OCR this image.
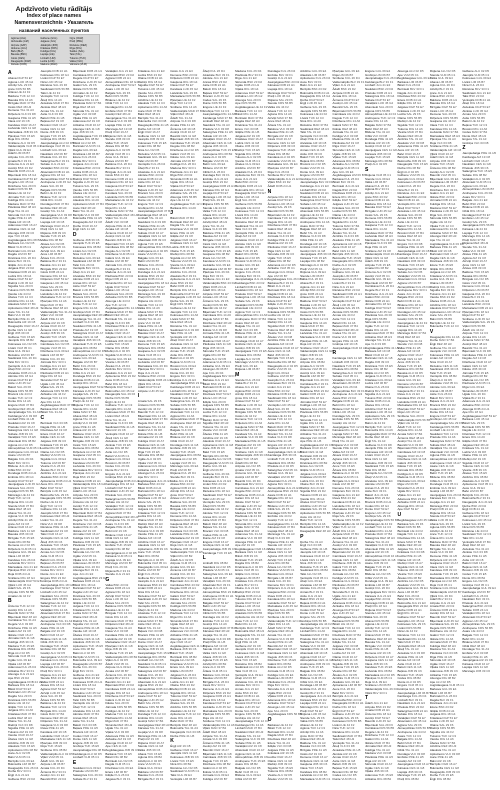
Apdzīvoto vietu rādītājs
Index of place names
Namensverzeichnis • Указатель
названий населенных пунктов
Aglona (AGL)
Aizkraukle (AIZ)
Aizpute (AZP)
Alūksne (ALU)
Balvi (BLV)
Bauska (BSK)
Cēsis (CES)
Daugavpils (DGP)
Dobele (DOB)
Gulbene (GUL)
Jelgava (JLG)
Jēkabpils (JKB)
Krāslava (KRS)
Kuldīga (KUL)
Liepāja (LIE)
Limbaži (LIM)
Ludza (LUD)
Madona (MAD)
Ogre (OGR)
Preiļi (PRE)
Rēzekne (REZ)
Rīga (RIG)
Saldus (SAL)
Talsi (TAL)
Tukums (TUK)
Valka (VLK)
Valmiera (VLM)
A
Abava DGP 53 E7
Aglona LUD 45 G2
Aizvīķi SAL 29 F6
Ance KRS 56 B5
Ārlava LIE 44 F2
Baldone TUK 12 C3
Bauska RIG 14 A6
Birzgale MAD 37 B4
Cēsis REZ 48 H3
Demene TAL 31 A3
Dziļezers VLK 03 D8
Gaujiena PRE 41 H5
Irlava AIZ 19 C8
Kandava OGR 16 A7
Lielvārde CES 11 G8
Mazsalaca JKB 39 C6
Pļaviņas TUK 15 E5
Roja RIG 08 B2
Smiltene ALU 02 D5
Valdemārpils VLM 05 C1
Viļāni GUL 09 E4
Ādaži LIM 06 B7
Aizpute KUL 26 D4
Amata BLV 33 F1
Ārciems JLG 21 E3
Avotiņi BSK 23 D2
Baunīši DOB 24 H1
Biķernieki RIG 18 G4
Carnikava DGP 53 E7
Degole LUD 45 G2
Dzērbene SAL 29 F6
Galēni KRS 56 B5
Ilūkste LIE 44 F2
Jūrmala TUK 12 C3
Kuldīga RIG 14 A6
Madona MAD 37 B4
Pāvilosta REZ 48 H3
Rīga TAL 31 A3
Skrunda VLK 03 D8
Ugāle PRE 41 H5
Viļaka AIZ 19 C8
Adamova OGR 16 A7
Aizkalne CES 11 G8
Alsunga JKB 39 C6
Ape TUK 15 E5
Augšdaugava RIG 08 B2
Barkava ALU 02 D5
Bikstī VLM 05 C1
Burtnieki GUL 09 E4
Dagda LIM 06 B7
Dzelzava KUL 26 D4
Ezere BLV 33 F1
Ikšķile JLG 21 E3
Jelgava BSK 23 D2
Krāslava DOB 24 H1
Ludza RIG 18 G4
Olaine DGP 53 E7
Riebiņi LUD 45 G2
Sigulda SAL 29 F6
Tukums KRS 56 B5
Viesīte LIE 44 F2
Ābeles TUK 12 C3
Aizdzire RIG 14 A6
Alauksts MAD 37 B4
Apšuciems REZ 48 H3
Auce TAL 31 A3
Balvi VLK 03 D8
Bērzpils PRE 41 H5
Bukmuiža AIZ 19 C8
Daugavpils OGR 16 A7
Durbe CES 11 G8
Ērgļi JKB 39 C6
Gulbene TUK 15 E5
Jaunpils RIG 08 B2
Kokneses ALU 02 D5
Līvāni VLM 05 C1
Nīca GUL 09 E4
Rēzekne LIM 06 B7
Saulkrasti KUL 26 D4
Talsi BLV 33 F1
Ventspils JLG 21 E3
Ābeļi BSK 23 D2
Aiviekste DOB 24 H1
Akniste RIG 18 G4
Annas DGP 53 E7
Asīte LUD 45 G2
Balozi SAL 29 F6
Beļava KRS 56 B5
Brocēni LIE 44 F2
Codes TUK 12 C3
Dunte RIG 14 A6
Engure MAD 37 B4
Grobiņa REZ 48 H3
Jaunpiebalga TAL 31 A3
Kazdanga VLK 03 D8
Limbaži PRE 41 H5
Naukšēni AIZ 19 C8
Priekule OGR 16 A7
Salacgrīva CES 11 G8
Subate JKB 39 C6
Varakļāni TUK 15 E5
Abavnieki RIG 08 B2
Agļona ALU 02 D5
Akmeņdziras VLM 05 C1
Andrupene GUL 09 E4
Asare LIM 06 B7
Balgale KUL 26 D4
Bebri BLV 33 F1
Blīdene JLG 21 E3
Ciblā BSK 23 D2
Dundaga DOB 24 H1
Embūte RIG 18 G4
Gostiņi DGP 53 E7
Jaunjelgava LUD 45 G2
Kārsava SAL 29 F6
Liepāja KRS 56 B5
Mērsrags LIE 44 F2
Preiļi TUK 12 C3
Rūjiena RIG 14 A6
Stende MAD 37 B4
Valka REZ 48 H3
Abava TAL 31 A3
Aglona VLK 03 D8
Aizvīķi PRE 41 H5
Ance AIZ 19 C8
Ārlava OGR 16 A7
Baldone CES 11 G8
Bauska JKB 39 C6
Birzgale TUK 15 E5
Cēsis RIG 08 B2
Demene ALU 02 D5
Dziļezers VLM 05 C1
Gaujiena GUL 09 E4
Irlava LIM 06 B7
Kandava KUL 26 D4
Lielvārde BLV 33 F1
Mazsalaca JLG 21 E3
Pļaviņas BSK 23 D2
Roja DOB 24 H1
Smiltene RIG 18 G4
Valdemārpils DGP 53 E7
Viļāni LUD 45 G2
Ādaži SAL 29 F6
Aizpute KRS 56 B5
Amata LIE 44 F2
B
Ārciems TUK 12 C3
Avotiņi RIG 14 A6
Baunīši MAD 37 B4
Biķernieki REZ 48 H3
Carnikava TAL 31 A3
Degole VLK 03 D8
Dzērbene PRE 41 H5
Galēni AIZ 19 C8
Ilūkste OGR 16 A7
Jūrmala CES 11 G8
Kuldīga JKB 39 C6
Madona TUK 15 E5
Pāvilosta RIG 08 B2
Rīga ALU 02 D5
Skrunda VLM 05 C1
Ugāle GUL 09 E4
Viļaka LIM 06 B7
Adamova KUL 26 D4
Aizkalne BLV 33 F1
Alsunga JLG 21 E3
Ape BSK 23 D2
Augšdaugava DOB 24 H1
Barkava RIG 18 G4
Bikstī DGP 53 E7
Burtnieki LUD 45 G2
Dagda SAL 29 F6
Dzelzava KRS 56 B5
Ezere LIE 44 F2
Ikšķile TUK 12 C3
Jelgava RIG 14 A6
Krāslava MAD 37 B4
Ludza REZ 48 H3
Olaine TAL 31 A3
Riebiņi VLK 03 D8
Sigulda PRE 41 H5
Tukums AIZ 19 C8
Viesīte OGR 16 A7
Ābeles CES 11 G8
Aizdzire JKB 39 C6
Alauksts TUK 15 E5
Apšuciems RIG 08 B2
Auce ALU 02 D5
Balvi VLM 05 C1
Bērzpils GUL 09 E4
Bukmuiža LIM 06 B7
Daugavpils KUL 26 D4
Durbe BLV 33 F1
Ērgļi JLG 21 E3
Gulbene BSK 23 D2
Jaunpils DOB 24 H1
Kokneses RIG 18 G4
Līvāni DGP 53 E7
Nīca LUD 45 G2
Rēzekne SAL 29 F6
Saulkrasti KRS 56 B5
Talsi LIE 44 F2
Ventspils TUK 12 C3
Ābeļi RIG 14 A6
Aiviekste MAD 37 B4
Akniste REZ 48 H3
Annas TAL 31 A3
Asīte VLK 03 D8
Balozi PRE 41 H5
Beļava AIZ 19 C8
Brocēni OGR 16 A7
Codes CES 11 G8
Dunte JKB 39 C6
Engure TUK 15 E5
Grobiņa RIG 08 B2
Jaunpiebalga ALU 02 D5
Kazdanga VLM 05 C1
Limbaži GUL 09 E4
Naukšēni LIM 06 B7
Priekule KUL 26 D4
Salacgrīva BLV 33 F1
Subate JLG 21 E3
Varakļāni BSK 23 D2
Abavnieki DOB 24 H1
Agļona RIG 18 G4
Akmeņdziras DGP 53 E7
Andrupene LUD 45 G2
Asare SAL 29 F6
Balgale KRS 56 B5
Bebri LIE 44 F2
Blīdene TUK 12 C3
Ciblā RIG 14 A6
Dundaga MAD 37 B4
Embūte REZ 48 H3
Gostiņi TAL 31 A3
Jaunjelgava VLK 03 D8
Kārsava PRE 41 H5
Liepāja AIZ 19 C8
Mērsrags OGR 16 A7
Preiļi CES 11 G8
Rūjiena JKB 39 C6
Stende TUK 15 E5
Valka RIG 08 B2
Abava ALU 02 D5
Aglona VLM 05 C1
Aizvīķi GUL 09 E4
Ance LIM 06 B7
Ārlava KUL 26 D4
Baldone BLV 33 F1
Bauska JLG 21 E3
Birzgale BSK 23 D2
Cēsis DOB 24 H1
Demene RIG 18 G4
Dziļezers DGP 53 E7
Gaujiena LUD 45 G2
Irlava SAL 29 F6
Kandava KRS 56 B5
Lielvārde LIE 44 F2
Mazsalaca TUK 12 C3
Pļaviņas RIG 14 A6
Roja MAD 37 B4
Smiltene REZ 48 H3
Valdemārpils TAL 31 A3
Viļāni VLK 03 D8
Ādaži PRE 41 H5
Aizpute AIZ 19 C8
Amata OGR 16 A7
Ārciems CES 11 G8
Avotiņi JKB 39 C6
Baunīši TUK 15 E5
Biķernieki RIG 08 B2
Carnikava ALU 02 D5
Degole VLM 05 C1
Dzērbene GUL 09 E4
Galēni LIM 06 B7
Ilūkste KUL 26 D4
Jūrmala BLV 33 F1
Kuldīga JLG 21 E3
Madona BSK 23 D2
Pāvilosta DOB 24 H1
Rīga RIG 18 G4
Skrunda DGP 53 E7
Ugāle LUD 45 G2
Viļaka SAL 29 F6
Adamova KRS 56 B5
Aizkalne LIE 44 F2
Alsunga TUK 12 C3
Ape RIG 14 A6
Augšdaugava MAD 37 B4
Barkava REZ 48 H3
Bikstī TAL 31 A3
C
Burtnieki VLK 03 D8
Dagda PRE 41 H5
Dzelzava AIZ 19 C8
Ezere OGR 16 A7
Ikšķile CES 11 G8
Jelgava JKB 39 C6
Krāslava TUK 15 E5
Ludza RIG 08 B2
Olaine ALU 02 D5
Riebiņi VLM 05 C1
Sigulda GUL 09 E4
Tukums LIM 06 B7
Viesīte KUL 26 D4
Ābeles BLV 33 F1
Aizdzire JLG 21 E3
Alauksts BSK 23 D2
Apšuciems DOB 24 H1
Auce RIG 18 G4
Balvi DGP 53 E7
Bērzpils LUD 45 G2
Bukmuiža SAL 29 F6
Daugavpils KRS 56 B5
Durbe LIE 44 F2
Ērgļi TUK 12 C3
Gulbene RIG 14 A6
Jaunpils MAD 37 B4
Kokneses REZ 48 H3
Līvāni TAL 31 A3
Nīca VLK 03 D8
Rēzekne PRE 41 H5
Saulkrasti AIZ 19 C8
Talsi OGR 16 A7
Ventspils CES 11 G8
Ābeļi JKB 39 C6
Aiviekste TUK 15 E5
Akniste RIG 08 B2
Annas ALU 02 D5
Asīte VLM 05 C1
Balozi GUL 09 E4
Beļava LIM 06 B7
Brocēni KUL 26 D4
Codes BLV 33 F1
Dunte JLG 21 E3
Engure BSK 23 D2
Grobiņa DOB 24 H1
Jaunpiebalga RIG 18 G4
Kazdanga DGP 53 E7
Limbaži LUD 45 G2
Naukšēni SAL 29 F6
Priekule KRS 56 B5
Salacgrīva LIE 44 F2
Subate TUK 12 C3
Varakļāni RIG 14 A6
Abavnieki MAD 37 B4
Agļona REZ 48 H3
Akmeņdziras TAL 31 A3
Andrupene VLK 03 D8
Asare PRE 41 H5
Balgale AIZ 19 C8
Bebri OGR 16 A7
Blīdene CES 11 G8
Ciblā JKB 39 C6
Dundaga TUK 15 E5
Embūte RIG 08 B2
Gostiņi ALU 02 D5
Jaunjelgava VLM 05 C1
Kārsava GUL 09 E4
Liepāja LIM 06 B7
Mērsrags KUL 26 D4
Preiļi BLV 33 F1
Rūjiena JLG 21 E3
Stende BSK 23 D2
Valka DOB 24 H1
Abava RIG 18 G4
Aglona DGP 53 E7
Aizvīķi LUD 45 G2
Ance SAL 29 F6
Ārlava KRS 56 B5
Baldone LIE 44 F2
Bauska TUK 12 C3
Birzgale RIG 14 A6
Cēsis MAD 37 B4
Demene REZ 48 H3
Dziļezers TAL 31 A3
Gaujiena VLK 03 D8
Irlava PRE 41 H5
Kandava AIZ 19 C8
Lielvārde OGR 16 A7
Mazsalaca CES 11 G8
Pļaviņas JKB 39 C6
Roja TUK 15 E5
Smiltene RIG 08 B2
Valdemārpils ALU 02 D5
Viļāni VLM 05 C1
Ādaži GUL 09 E4
Aizpute LIM 06 B7
Amata KUL 26 D4
Ārciems BLV 33 F1
Avotiņi JLG 21 E3
Baunīši BSK 23 D2
Biķernieki DOB 24 H1
Carnikava RIG 18 G4
Degole DGP 53 E7
Dzērbene LUD 45 G2
Galēni SAL 29 F6
Ilūkste KRS 56 B5
Jūrmala LIE 44 F2
Kuldīga TUK 12 C3
Madona RIG 14 A6
Pāvilosta MAD 37 B4
Rīga REZ 48 H3
Skrunda TAL 31 A3
Ugāle VLK 03 D8
Viļaka PRE 41 H5
Adamova AIZ 19 C8
Aizkalne OGR 16 A7
Alsunga CES 11 G8
Ape JKB 39 C6
Augšdaugava TUK 15 E5
Barkava RIG 08 B2
Bikstī ALU 02 D5
Burtnieki VLM 05 C1
Dagda GUL 09 E4
Dzelzava LIM 06 B7
Ezere KUL 26 D4
Ikšķile BLV 33 F1
Jelgava JLG 21 E3
Krāslava BSK 23 D2
Ludza DOB 24 H1
Olaine RIG 18 G4
Riebiņi DGP 53 E7
Sigulda LUD 45 G2
Tukums SAL 29 F6
Viesīte KRS 56 B5
Ābeles LIE 44 F2
Aizdzire TUK 12 C3
Alauksts RIG 14 A6
Apšuciems MAD 37 B4
Auce REZ 48 H3
Balvi TAL 31 A3
Bērzpils VLK 03 D8
Bukmuiža PRE 41 H5
Daugavpils AIZ 19 C8
Durbe OGR 16 A7
Ērgļi CES 11 G8
D
Gulbene JKB 39 C6
Jaunpils TUK 15 E5
Kokneses RIG 08 B2
Līvāni ALU 02 D5
Nīca VLM 05 C1
Rēzekne GUL 09 E4
Saulkrasti LIM 06 B7
Talsi KUL 26 D4
Ventspils BLV 33 F1
Ābeļi JLG 21 E3
Aiviekste BSK 23 D2
Akniste DOB 24 H1
Annas RIG 18 G4
Asīte DGP 53 E7
Balozi LUD 45 G2
Beļava SAL 29 F6
Brocēni KRS 56 B5
Codes LIE 44 F2
Dunte TUK 12 C3
Engure RIG 14 A6
Grobiņa MAD 37 B4
Jaunpiebalga REZ 48 H3
Kazdanga TAL 31 A3
Limbaži VLK 03 D8
Naukšēni PRE 41 H5
Priekule AIZ 19 C8
Salacgrīva OGR 16 A7
Subate CES 11 G8
Varakļāni JKB 39 C6
Abavnieki TUK 15 E5
Agļona RIG 08 B2
Akmeņdziras ALU 02 D5
Andrupene VLM 05 C1
Asare GUL 09 E4
Balgale LIM 06 B7
Bebri KUL 26 D4
Blīdene BLV 33 F1
Ciblā JLG 21 E3
Dundaga BSK 23 D2
Embūte DOB 24 H1
Gostiņi RIG 18 G4
Jaunjelgava DGP 53 E7
Kārsava LUD 45 G2
Liepāja SAL 29 F6
Mērsrags KRS 56 B5
Preiļi LIE 44 F2
Rūjiena TUK 12 C3
Stende RIG 14 A6
Valka MAD 37 B4
Abava REZ 48 H3
Aglona TAL 31 A3
Aizvīķi VLK 03 D8
Ance PRE 41 H5
Ārlava AIZ 19 C8
Baldone OGR 16 A7
Bauska CES 11 G8
Birzgale JKB 39 C6
Cēsis TUK 15 E5
Demene RIG 08 B2
Dziļezers ALU 02 D5
Gaujiena VLM 05 C1
Irlava GUL 09 E4
Kandava LIM 06 B7
Lielvārde KUL 26 D4
Mazsalaca BLV 33 F1
Pļaviņas JLG 21 E3
Roja BSK 23 D2
Smiltene DOB 24 H1
Valdemārpils RIG 18 G4
Viļāni DGP 53 E7
Ādaži LUD 45 G2
Aizpute SAL 29 F6
Amata KRS 56 B5
Ārciems LIE 44 F2
Avotiņi TUK 12 C3
Baunīši RIG 14 A6
Biķernieki MAD 37 B4
Carnikava REZ 48 H3
Degole TAL 31 A3
Dzērbene VLK 03 D8
Galēni PRE 41 H5
Ilūkste AIZ 19 C8
Jūrmala OGR 16 A7
Kuldīga CES 11 G8
Madona JKB 39 C6
Pāvilosta TUK 15 E5
Rīga RIG 08 B2
Skrunda ALU 02 D5
Ugāle VLM 05 C1
Viļaka GUL 09 E4
Adamova LIM 06 B7
Aizkalne KUL 26 D4
Alsunga BLV 33 F1
Ape JLG 21 E3
Augšdaugava BSK 23 D2
Barkava DOB 24 H1
Bikstī RIG 18 G4
Burtnieki DGP 53 E7
Dagda LUD 45 G2
Dzelzava SAL 29 F6
Ezere KRS 56 B5
Ikšķile LIE 44 F2
Jelgava TUK 12 C3
Krāslava RIG 14 A6
Ludza MAD 37 B4
Olaine REZ 48 H3
Riebiņi TAL 31 A3
Sigulda VLK 03 D8
Tukums PRE 41 H5
Viesīte AIZ 19 C8
Ābeles OGR 16 A7
Aizdzire CES 11 G8
Alauksts JKB 39 C6
Apšuciems TUK 15 E5
Auce RIG 08 B2
Balvi ALU 02 D5
Bērzpils VLM 05 C1
Bukmuiža GUL 09 E4
Daugavpils LIM 06 B7
Durbe KUL 26 D4
Ērgļi BLV 33 F1
Gulbene JLG 21 E3
Jaunpils BSK 23 D2
Kokneses DOB 24 H1
Līvāni RIG 18 G4
Nīca DGP 53 E7
Rēzekne LUD 45 G2
Saulkrasti SAL 29 F6
Talsi KRS 56 B5
Ventspils LIE 44 F2
Ābeļi TUK 12 C3
Aiviekste RIG 14 A6
Akniste MAD 37 B4
Annas REZ 48 H3
Asīte TAL 31 A3
Balozi VLK 03 D8
Beļava PRE 41 H5
Brocēni AIZ 19 C8
Codes OGR 16 A7
Dunte CES 11 G8
Engure JKB 39 C6
Grobiņa TUK 15 E5
Jaunpiebalga RIG 08 B2
Kazdanga ALU 02 D5
Limbaži VLM 05 C1
E
Naukšēni GUL 09 E4
Priekule LIM 06 B7
Salacgrīva KUL 26 D4
Subate BLV 33 F1
Varakļāni JLG 21 E3
Abavnieki BSK 23 D2
Agļona DOB 24 H1
Akmeņdziras RIG 18 G4
Andrupene DGP 53 E7
Asare LUD 45 G2
Balgale SAL 29 F6
Bebri KRS 56 B5
Blīdene LIE 44 F2
Ciblā TUK 12 C3
Dundaga RIG 14 A6
Embūte MAD 37 B4
Gostiņi REZ 48 H3
Jaunjelgava TAL 31 A3
Kārsava VLK 03 D8
Liepāja PRE 41 H5
Mērsrags AIZ 19 C8
Preiļi OGR 16 A7
Rūjiena CES 11 G8
Stende JKB 39 C6
Valka TUK 15 E5
Abava RIG 08 B2
Aglona ALU 02 D5
Aizvīķi VLM 05 C1
Ance GUL 09 E4
Ārlava LIM 06 B7
Baldone KUL 26 D4
Bauska BLV 33 F1
Birzgale JLG 21 E3
Cēsis BSK 23 D2
Demene DOB 24 H1
Dziļezers RIG 18 G4
Gaujiena DGP 53 E7
Irlava LUD 45 G2
Kandava SAL 29 F6
Lielvārde KRS 56 B5
Mazsalaca LIE 44 F2
Pļaviņas TUK 12 C3
Roja RIG 14 A6
Smiltene MAD 37 B4
Valdemārpils REZ 48 H3
Viļāni TAL 31 A3
Ādaži VLK 03 D8
Aizpute PRE 41 H5
Amata AIZ 19 C8
Ārciems OGR 16 A7
Avotiņi CES 11 G8
Baunīši JKB 39 C6
Biķernieki TUK 15 E5
Carnikava RIG 08 B2
Degole ALU 02 D5
Dzērbene VLM 05 C1
Galēni GUL 09 E4
Ilūkste LIM 06 B7
Jūrmala KUL 26 D4
Kuldīga BLV 33 F1
Madona JLG 21 E3
Pāvilosta BSK 23 D2
Rīga DOB 24 H1
Skrunda RIG 18 G4
Ugāle DGP 53 E7
Viļaka LUD 45 G2
Adamova SAL 29 F6
Aizkalne KRS 56 B5
Alsunga LIE 44 F2
Ape TUK 12 C3
Augšdaugava RIG 14 A6
Barkava MAD 37 B4
Bikstī REZ 48 H3
Burtnieki TAL 31 A3
Dagda VLK 03 D8
Dzelzava PRE 41 H5
Ezere AIZ 19 C8
Ikšķile OGR 16 A7
Jelgava CES 11 G8
Krāslava JKB 39 C6
Ludza TUK 15 E5
Olaine RIG 08 B2
Riebiņi ALU 02 D5
Sigulda VLM 05 C1
Tukums GUL 09 E4
Viesīte LIM 06 B7
Ābeles KUL 26 D4
Aizdzire BLV 33 F1
Alauksts JLG 21 E3
Apšuciems BSK 23 D2
Auce DOB 24 H1
Balvi RIG 18 G4
Bērzpils DGP 53 E7
Bukmuiža LUD 45 G2
Daugavpils SAL 29 F6
Durbe KRS 56 B5
Ērgļi LIE 44 F2
Gulbene TUK 12 C3
Jaunpils RIG 14 A6
Kokneses MAD 37 B4
Līvāni REZ 48 H3
Nīca TAL 31 A3
Rēzekne VLK 03 D8
Saulkrasti PRE 41 H5
Talsi AIZ 19 C8
Ventspils OGR 16 A7
Ābeļi CES 11 G8
Aiviekste JKB 39 C6
Akniste TUK 15 E5
Annas RIG 08 B2
Asīte ALU 02 D5
Balozi VLM 05 C1
Beļava GUL 09 E4
Brocēni LIM 06 B7
Codes KUL 26 D4
Dunte BLV 33 F1
Engure JLG 21 E3
Grobiņa BSK 23 D2
Jaunpiebalga DOB 24 H1
Kazdanga RIG 18 G4
Limbaži DGP 53 E7
Naukšēni LUD 45 G2
Priekule SAL 29 F6
Salacgrīva KRS 56 B5
Subate LIE 44 F2
Varakļāni TUK 12 C3
Abavnieki RIG 14 A6
Agļona MAD 37 B4
Akmeņdziras REZ 48 H3
Andrupene TAL 31 A3
Asare VLK 03 D8
Balgale PRE 41 H5
Bebri AIZ 19 C8
Blīdene OGR 16 A7
Ciblā CES 11 G8
Dundaga JKB 39 C6
Embūte TUK 15 E5
Gostiņi RIG 08 B2
Jaunjelgava ALU 02 D5
Kārsava VLM 05 C1
Liepāja GUL 09 E4
Mērsrags LIM 06 B7
Preiļi KUL 26 D4
Rūjiena BLV 33 F1
Stende JLG 21 E3
G
Valka BSK 23 D2
Abava DOB 24 H1
Aglona RIG 18 G4
Aizvīķi DGP 53 E7
Ance LUD 45 G2
Ārlava SAL 29 F6
Baldone KRS 56 B5
Bauska LIE 44 F2
Birzgale TUK 12 C3
Cēsis RIG 14 A6
Demene MAD 37 B4
Dziļezers REZ 48 H3
Gaujiena TAL 31 A3
Irlava VLK 03 D8
Kandava PRE 41 H5
Lielvārde AIZ 19 C8
Mazsalaca OGR 16 A7
Pļaviņas CES 11 G8
Roja JKB 39 C6
Smiltene TUK 15 E5
Valdemārpils RIG 08 B2
Viļāni ALU 02 D5
Ādaži VLM 05 C1
Aizpute GUL 09 E4
Amata LIM 06 B7
Ārciems KUL 26 D4
Avotiņi BLV 33 F1
Baunīši JLG 21 E3
Biķernieki BSK 23 D2
Carnikava DOB 24 H1
Degole RIG 18 G4
Dzērbene DGP 53 E7
Galēni LUD 45 G2
Ilūkste SAL 29 F6
Jūrmala KRS 56 B5
Kuldīga LIE 44 F2
Madona TUK 12 C3
Pāvilosta RIG 14 A6
Rīga MAD 37 B4
Skrunda REZ 48 H3
Ugāle TAL 31 A3
Viļaka VLK 03 D8
Adamova PRE 41 H5
Aizkalne AIZ 19 C8
Alsunga OGR 16 A7
Ape CES 11 G8
Augšdaugava JKB 39 C6
Barkava TUK 15 E5
Bikstī RIG 08 B2
Burtnieki ALU 02 D5
Dagda VLM 05 C1
Dzelzava GUL 09 E4
Ezere LIM 06 B7
Ikšķile KUL 26 D4
Jelgava BLV 33 F1
Krāslava JLG 21 E3
Ludza BSK 23 D2
Olaine DOB 24 H1
Riebiņi RIG 18 G4
Sigulda DGP 53 E7
Tukums LUD 45 G2
Viesīte SAL 29 F6
Ābeles KRS 56 B5
Aizdzire LIE 44 F2
Alauksts TUK 12 C3
Apšuciems RIG 14 A6
Auce MAD 37 B4
Balvi REZ 48 H3
Bērzpils TAL 31 A3
Bukmuiža VLK 03 D8
Daugavpils PRE 41 H5
Durbe AIZ 19 C8
Ērgļi OGR 16 A7
Gulbene CES 11 G8
Jaunpils JKB 39 C6
Kokneses TUK 15 E5
Līvāni RIG 08 B2
Nīca ALU 02 D5
Rēzekne VLM 05 C1
Saulkrasti GUL 09 E4
Talsi LIM 06 B7
Ventspils KUL 26 D4
Ābeļi BLV 33 F1
Aiviekste JLG 21 E3
Akniste BSK 23 D2
Annas DOB 24 H1
Asīte RIG 18 G4
Balozi DGP 53 E7
Beļava LUD 45 G2
Brocēni SAL 29 F6
Codes KRS 56 B5
Dunte LIE 44 F2
Engure TUK 12 C3
Grobiņa RIG 14 A6
Jaunpiebalga MAD 37 B4
Kazdanga REZ 48 H3
Limbaži TAL 31 A3
Naukšēni VLK 03 D8
Priekule PRE 41 H5
Salacgrīva AIZ 19 C8
Subate OGR 16 A7
Varakļāni CES 11 G8
Abavnieki JKB 39 C6
Agļona TUK 15 E5
Akmeņdziras RIG 08 B2
Andrupene ALU 02 D5
Asare VLM 05 C1
Balgale GUL 09 E4
Bebri LIM 06 B7
Blīdene KUL 26 D4
Ciblā BLV 33 F1
Dundaga JLG 21 E3
Embūte BSK 23 D2
Gostiņi DOB 24 H1
Jaunjelgava RIG 18 G4
Kārsava DGP 53 E7
Liepāja LUD 45 G2
Mērsrags SAL 29 F6
Preiļi KRS 56 B5
Rūjiena LIE 44 F2
Stende TUK 12 C3
Valka RIG 14 A6
Abava MAD 37 B4
Aglona REZ 48 H3
Aizvīķi TAL 31 A3
Ance VLK 03 D8
Ārlava PRE 41 H5
Baldone AIZ 19 C8
Bauska OGR 16 A7
Birzgale CES 11 G8
Cēsis JKB 39 C6
Demene TUK 15 E5
Dziļezers RIG 08 B2
Gaujiena ALU 02 D5
Irlava VLM 05 C1
Kandava GUL 09 E4
Lielvārde LIM 06 B7
Mazsalaca KUL 26 D4
Pļaviņas BLV 33 F1
Roja JLG 21 E3
Smiltene BSK 23 D2
Valdemārpils DOB 24 H1
Viļāni RIG 18 G4
Ādaži DGP 53 E7
Aizpute LUD 45 G2
I
Amata SAL 29 F6
Ārciems KRS 56 B5
Avotiņi LIE 44 F2
Baunīši TUK 12 C3
Biķernieki RIG 14 A6
Carnikava MAD 37 B4
Degole REZ 48 H3
Dzērbene TAL 31 A3
Galēni VLK 03 D8
Ilūkste PRE 41 H5
Jūrmala AIZ 19 C8
Kuldīga OGR 16 A7
Madona CES 11 G8
Pāvilosta JKB 39 C6
Rīga TUK 15 E5
Skrunda RIG 08 B2
Ugāle ALU 02 D5
Viļaka VLM 05 C1
Adamova GUL 09 E4
Aizkalne LIM 06 B7
Alsunga KUL 26 D4
Ape BLV 33 F1
Augšdaugava JLG 21 E3
Barkava BSK 23 D2
Bikstī DOB 24 H1
Burtnieki RIG 18 G4
Dagda DGP 53 E7
Dzelzava LUD 45 G2
Ezere SAL 29 F6
Ikšķile KRS 56 B5
Jelgava LIE 44 F2
Krāslava TUK 12 C3
Ludza RIG 14 A6
Olaine MAD 37 B4
Riebiņi REZ 48 H3
Sigulda TAL 31 A3
Tukums VLK 03 D8
Viesīte PRE 41 H5
Ābeles AIZ 19 C8
Aizdzire OGR 16 A7
Alauksts CES 11 G8
Apšuciems JKB 39 C6
Auce TUK 15 E5
Balvi RIG 08 B2
Bērzpils ALU 02 D5
Bukmuiža VLM 05 C1
Daugavpils GUL 09 E4
Durbe LIM 06 B7
Ērgļi KUL 26 D4
Gulbene BLV 33 F1
Jaunpils JLG 21 E3
Kokneses BSK 23 D2
Līvāni DOB 24 H1
Nīca RIG 18 G4
Rēzekne DGP 53 E7
Saulkrasti LUD 45 G2
Talsi SAL 29 F6
Ventspils KRS 56 B5
Ābeļi LIE 44 F2
Aiviekste TUK 12 C3
Akniste RIG 14 A6
Annas MAD 37 B4
Asīte REZ 48 H3
Balozi TAL 31 A3
Beļava VLK 03 D8
Brocēni PRE 41 H5
Codes AIZ 19 C8
Dunte OGR 16 A7
Engure CES 11 G8
Grobiņa JKB 39 C6
Jaunpiebalga TUK 15 E5
Kazdanga RIG 08 B2
Limbaži ALU 02 D5
Naukšēni VLM 05 C1
Priekule GUL 09 E4
Salacgrīva LIM 06 B7
Subate KUL 26 D4
Varakļāni BLV 33 F1
Abavnieki JLG 21 E3
Agļona BSK 23 D2
Akmeņdziras DOB 24 H1
Andrupene RIG 18 G4
Asare DGP 53 E7
Balgale LUD 45 G2
Bebri SAL 29 F6
Blīdene KRS 56 B5
Ciblā LIE 44 F2
Dundaga TUK 12 C3
Embūte RIG 14 A6
Gostiņi MAD 37 B4
Jaunjelgava REZ 48 H3
Kārsava TAL 31 A3
Liepāja VLK 03 D8
Mērsrags PRE 41 H5
Preiļi AIZ 19 C8
Rūjiena OGR 16 A7
Stende CES 11 G8
Valka JKB 39 C6
Abava TUK 15 E5
Aglona RIG 08 B2
Aizvīķi ALU 02 D5
Ance VLM 05 C1
Ārlava GUL 09 E4
Baldone LIM 06 B7
Bauska KUL 26 D4
Birzgale BLV 33 F1
Cēsis JLG 21 E3
Demene BSK 23 D2
Dziļezers DOB 24 H1
Gaujiena RIG 18 G4
Irlava DGP 53 E7
Kandava LUD 45 G2
Lielvārde SAL 29 F6
Mazsalaca KRS 56 B5
Pļaviņas LIE 44 F2
Roja TUK 12 C3
Smiltene RIG 14 A6
Valdemārpils MAD 37 B4
Viļāni REZ 48 H3
Ādaži TAL 31 A3
Aizpute VLK 03 D8
Amata PRE 41 H5
Ārciems AIZ 19 C8
Avotiņi OGR 16 A7
Baunīši CES 11 G8
Biķernieki JKB 39 C6
Carnikava TUK 15 E5
Degole RIG 08 B2
Dzērbene ALU 02 D5
Galēni VLM 05 C1
Ilūkste GUL 09 E4
Jūrmala LIM 06 B7
Kuldīga KUL 26 D4
Madona BLV 33 F1
Pāvilosta JLG 21 E3
Rīga BSK 23 D2
Skrunda DOB 24 H1
Ugāle RIG 18 G4
Viļaka DGP 53 E7
Adamova LUD 45 G2
Aizkalne SAL 29 F6
Alsunga KRS 56 B5
Ape LIE 44 F2
Augšdaugava TUK 12 C3
Barkava RIG 14 A6
J
Bikstī MAD 37 B4
Burtnieki REZ 48 H3
Dagda TAL 31 A3
Dzelzava VLK 03 D8
Ezere PRE 41 H5
Ikšķile AIZ 19 C8
Jelgava OGR 16 A7
Krāslava CES 11 G8
Ludza JKB 39 C6
Olaine TUK 15 E5
Riebiņi RIG 08 B2
Sigulda ALU 02 D5
Tukums VLM 05 C1
Viesīte GUL 09 E4
Ābeles LIM 06 B7
Aizdzire KUL 26 D4
Alauksts BLV 33 F1
Apšuciems JLG 21 E3
Auce BSK 23 D2
Balvi DOB 24 H1
Bērzpils RIG 18 G4
Bukmuiža DGP 53 E7
Daugavpils LUD 45 G2
Durbe SAL 29 F6
Ērgļi KRS 56 B5
Gulbene LIE 44 F2
Jaunpils TUK 12 C3
Kokneses RIG 14 A6
Līvāni MAD 37 B4
Nīca REZ 48 H3
Rēzekne TAL 31 A3
Saulkrasti VLK 03 D8
Talsi PRE 41 H5
Ventspils AIZ 19 C8
Ābeļi OGR 16 A7
Aiviekste CES 11 G8
Akniste JKB 39 C6
Annas TUK 15 E5
Asīte RIG 08 B2
Balozi ALU 02 D5
Beļava VLM 05 C1
Brocēni GUL 09 E4
Codes LIM 06 B7
Dunte KUL 26 D4
Engure BLV 33 F1
Grobiņa JLG 21 E3
Jaunpiebalga BSK 23 D2
Kazdanga DOB 24 H1
Limbaži RIG 18 G4
Naukšēni DGP 53 E7
Priekule LUD 45 G2
Salacgrīva SAL 29 F6
Subate KRS 56 B5
Varakļāni LIE 44 F2
Abavnieki TUK 12 C3
Agļona RIG 14 A6
Akmeņdziras MAD 37 B4
Andrupene REZ 48 H3
Asare TAL 31 A3
Balgale VLK 03 D8
Bebri PRE 41 H5
Blīdene AIZ 19 C8
Ciblā OGR 16 A7
Dundaga CES 11 G8
Embūte JKB 39 C6
Gostiņi TUK 15 E5
Jaunjelgava RIG 08 B2
Kārsava ALU 02 D5
Liepāja VLM 05 C1
Mērsrags GUL 09 E4
Preiļi LIM 06 B7
Rūjiena KUL 26 D4
Stende BLV 33 F1
Valka JLG 21 E3
Abava BSK 23 D2
Aglona DOB 24 H1
Aizvīķi RIG 18 G4
Ance DGP 53 E7
Ārlava LUD 45 G2
Baldone SAL 29 F6
Bauska KRS 56 B5
Birzgale LIE 44 F2
Cēsis TUK 12 C3
Demene RIG 14 A6
Dziļezers MAD 37 B4
Gaujiena REZ 48 H3
Irlava TAL 31 A3
Kandava VLK 03 D8
Lielvārde PRE 41 H5
Mazsalaca AIZ 19 C8
Pļaviņas OGR 16 A7
Roja CES 11 G8
Smiltene JKB 39 C6
Valdemārpils TUK 15 E5
Viļāni RIG 08 B2
Ādaži ALU 02 D5
Aizpute VLM 05 C1
Amata GUL 09 E4
Ārciems LIM 06 B7
Avotiņi KUL 26 D4
Baunīši BLV 33 F1
Biķernieki JLG 21 E3
Carnikava BSK 23 D2
Degole DOB 24 H1
Dzērbene RIG 18 G4
Galēni DGP 53 E7
Ilūkste LUD 45 G2
Jūrmala SAL 29 F6
Kuldīga KRS 56 B5
Madona LIE 44 F2
Pāvilosta TUK 12 C3
Rīga RIG 14 A6
Skrunda MAD 37 B4
Ugāle REZ 48 H3
Viļaka TAL 31 A3
Adamova VLK 03 D8
Aizkalne PRE 41 H5
Alsunga AIZ 19 C8
Ape OGR 16 A7
Augšdaugava CES 11 G8
Barkava JKB 39 C6
Bikstī TUK 15 E5
Burtnieki RIG 08 B2
Dagda ALU 02 D5
Dzelzava VLM 05 C1
Ezere GUL 09 E4
Ikšķile LIM 06 B7
Jelgava KUL 26 D4
Krāslava BLV 33 F1
Ludza JLG 21 E3
Olaine BSK 23 D2
Riebiņi DOB 24 H1
Sigulda RIG 18 G4
Tukums DGP 53 E7
Viesīte LUD 45 G2
Ābeles SAL 29 F6
Aizdzire KRS 56 B5
Alauksts LIE 44 F2
Apšuciems TUK 12 C3
Auce RIG 14 A6
Balvi MAD 37 B4
Bērzpils REZ 48 H3
Bukmuiža TAL 31 A3
Daugavpils VLK 03 D8
Durbe PRE 41 H5
K
Ērgļi AIZ 19 C8
Gulbene OGR 16 A7
Jaunpils CES 11 G8
Kokneses JKB 39 C6
Līvāni TUK 15 E5
Nīca RIG 08 B2
Rēzekne ALU 02 D5
Saulkrasti VLM 05 C1
Talsi GUL 09 E4
Ventspils LIM 06 B7
Ābeļi KUL 26 D4
Aiviekste BLV 33 F1
Akniste JLG 21 E3
Annas BSK 23 D2
Asīte DOB 24 H1
Balozi RIG 18 G4
Beļava DGP 53 E7
Brocēni LUD 45 G2
Codes SAL 29 F6
Dunte KRS 56 B5
Engure LIE 44 F2
Grobiņa TUK 12 C3
Jaunpiebalga RIG 14 A6
Kazdanga MAD 37 B4
Limbaži REZ 48 H3
Naukšēni TAL 31 A3
Priekule VLK 03 D8
Salacgrīva PRE 41 H5
Subate AIZ 19 C8
Varakļāni OGR 16 A7
Abavnieki CES 11 G8
Agļona JKB 39 C6
Akmeņdziras TUK 15 E5
Andrupene RIG 08 B2
Asare ALU 02 D5
Balgale VLM 05 C1
Bebri GUL 09 E4
Blīdene LIM 06 B7
Ciblā KUL 26 D4
Dundaga BLV 33 F1
Embūte JLG 21 E3
Gostiņi BSK 23 D2
Jaunjelgava DOB 24 H1
Kārsava RIG 18 G4
Liepāja DGP 53 E7
Mērsrags LUD 45 G2
Preiļi SAL 29 F6
Rūjiena KRS 56 B5
Stende LIE 44 F2
Valka TUK 12 C3
Abava RIG 14 A6
Aglona MAD 37 B4
Aizvīķi REZ 48 H3
Ance TAL 31 A3
Ārlava VLK 03 D8
Baldone PRE 41 H5
Bauska AIZ 19 C8
Birzgale OGR 16 A7
Cēsis CES 11 G8
Demene JKB 39 C6
Dziļezers TUK 15 E5
Gaujiena RIG 08 B2
Irlava ALU 02 D5
Kandava VLM 05 C1
Lielvārde GUL 09 E4
Mazsalaca LIM 06 B7
Pļaviņas KUL 26 D4
Roja BLV 33 F1
Smiltene JLG 21 E3
Valdemārpils BSK 23 D2
Viļāni DOB 24 H1
Ādaži RIG 18 G4
Aizpute DGP 53 E7
Amata LUD 45 G2
Ārciems SAL 29 F6
Avotiņi KRS 56 B5
Baunīši LIE 44 F2
Biķernieki TUK 12 C3
Carnikava RIG 14 A6
Degole MAD 37 B4
Dzērbene REZ 48 H3
Galēni TAL 31 A3
Ilūkste VLK 03 D8
Jūrmala PRE 41 H5
Kuldīga AIZ 19 C8
Madona OGR 16 A7
Pāvilosta CES 11 G8
Rīga JKB 39 C6
Skrunda TUK 15 E5
Ugāle RIG 08 B2
Viļaka ALU 02 D5
Adamova VLM 05 C1
Aizkalne GUL 09 E4
Alsunga LIM 06 B7
Ape KUL 26 D4
Augšdaugava BLV 33 F1
Barkava JLG 21 E3
Bikstī BSK 23 D2
Burtnieki DOB 24 H1
Dagda RIG 18 G4
Dzelzava DGP 53 E7
Ezere LUD 45 G2
Ikšķile SAL 29 F6
Jelgava KRS 56 B5
Krāslava LIE 44 F2
Ludza TUK 12 C3
Olaine RIG 14 A6
Riebiņi MAD 37 B4
Sigulda REZ 48 H3
Tukums TAL 31 A3
Viesīte VLK 03 D8
Ābeles PRE 41 H5
Aizdzire AIZ 19 C8
Alauksts OGR 16 A7
Apšuciems CES 11 G8
Auce JKB 39 C6
Balvi TUK 15 E5
Bērzpils RIG 08 B2
Bukmuiža ALU 02 D5
Daugavpils VLM 05 C1
Durbe GUL 09 E4
Ērgļi LIM 06 B7
Gulbene KUL 26 D4
Jaunpils BLV 33 F1
Kokneses JLG 21 E3
Līvāni BSK 23 D2
Nīca DOB 24 H1
Rēzekne RIG 18 G4
Saulkrasti DGP 53 E7
Talsi LUD 45 G2
Ventspils SAL 29 F6
Ābeļi KRS 56 B5
Aiviekste LIE 44 F2
Akniste TUK 12 C3
Annas RIG 14 A6
Asīte MAD 37 B4
Balozi REZ 48 H3
Beļava TAL 31 A3
Brocēni VLK 03 D8
Codes PRE 41 H5
Dunte AIZ 19 C8
Engure OGR 16 A7
Grobiņa CES 11 G8
Jaunpiebalga JKB 39 C6
Kazdanga TUK 15 E5
L
Limbaži RIG 08 B2
Naukšēni ALU 02 D5
Priekule VLM 05 C1
Salacgrīva GUL 09 E4
Subate LIM 06 B7
Varakļāni KUL 26 D4
Abavnieki BLV 33 F1
Agļona JLG 21 E3
Akmeņdziras BSK 23 D2
Andrupene DOB 24 H1
Asare RIG 18 G4
Balgale DGP 53 E7
Bebri LUD 45 G2
Blīdene SAL 29 F6
Ciblā KRS 56 B5
Dundaga LIE 44 F2
Embūte TUK 12 C3
Gostiņi RIG 14 A6
Jaunjelgava MAD 37 B4
Kārsava REZ 48 H3
Liepāja TAL 31 A3
Mērsrags VLK 03 D8
Preiļi PRE 41 H5
Rūjiena AIZ 19 C8
Stende OGR 16 A7
Valka CES 11 G8
Abava JKB 39 C6
Aglona TUK 15 E5
Aizvīķi RIG 08 B2
Ance ALU 02 D5
Ārlava VLM 05 C1
Baldone GUL 09 E4
Bauska LIM 06 B7
Birzgale KUL 26 D4
Cēsis BLV 33 F1
Demene JLG 21 E3
Dziļezers BSK 23 D2
Gaujiena DOB 24 H1
Irlava RIG 18 G4
Kandava DGP 53 E7
Lielvārde LUD 45 G2
Mazsalaca SAL 29 F6
Pļaviņas KRS 56 B5
Roja LIE 44 F2
Smiltene TUK 12 C3
Valdemārpils RIG 14 A6
Viļāni MAD 37 B4
Ādaži REZ 48 H3
Aizpute TAL 31 A3
Amata VLK 03 D8
Ārciems PRE 41 H5
Avotiņi AIZ 19 C8
Baunīši OGR 16 A7
Biķernieki CES 11 G8
Carnikava JKB 39 C6
Degole TUK 15 E5
Dzērbene RIG 08 B2
Galēni ALU 02 D5
Ilūkste VLM 05 C1
Jūrmala GUL 09 E4
Kuldīga LIM 06 B7
Madona KUL 26 D4
Pāvilosta BLV 33 F1
Rīga JLG 21 E3
Skrunda BSK 23 D2
Ugāle DOB 24 H1
Viļaka RIG 18 G4
Adamova DGP 53 E7
Aizkalne LUD 45 G2
Alsunga SAL 29 F6
Ape KRS 56 B5
Augšdaugava LIE 44 F2
Barkava TUK 12 C3
Bikstī RIG 14 A6
Burtnieki MAD 37 B4
Dagda REZ 48 H3
Dzelzava TAL 31 A3
Ezere VLK 03 D8
Ikšķile PRE 41 H5
Jelgava AIZ 19 C8
Krāslava OGR 16 A7
Ludza CES 11 G8
Olaine JKB 39 C6
Riebiņi TUK 15 E5
Sigulda RIG 08 B2
Tukums ALU 02 D5
Viesīte VLM 05 C1
Ābeles GUL 09 E4
Aizdzire LIM 06 B7
Alauksts KUL 26 D4
Apšuciems BLV 33 F1
Auce JLG 21 E3
Balvi BSK 23 D2
Bērzpils DOB 24 H1
Bukmuiža RIG 18 G4
Daugavpils DGP 53 E7
Durbe LUD 45 G2
Ērgļi SAL 29 F6
Gulbene KRS 56 B5
Jaunpils LIE 44 F2
Kokneses TUK 12 C3
Līvāni RIG 14 A6
Nīca MAD 37 B4
Rēzekne REZ 48 H3
Saulkrasti TAL 31 A3
Talsi VLK 03 D8
Ventspils PRE 41 H5
Ābeļi AIZ 19 C8
Aiviekste OGR 16 A7
Akniste CES 11 G8
Annas JKB 39 C6
Asīte TUK 15 E5
Balozi RIG 08 B2
Beļava ALU 02 D5
Brocēni VLM 05 C1
Codes GUL 09 E4
Dunte LIM 06 B7
Engure KUL 26 D4
Grobiņa BLV 33 F1
Jaunpiebalga JLG 21 E3
Kazdanga BSK 23 D2
Limbaži DOB 24 H1
Naukšēni RIG 18 G4
Priekule DGP 53 E7
Salacgrīva LUD 45 G2
Subate SAL 29 F6
Varakļāni KRS 56 B5
Abavnieki LIE 44 F2
Agļona TUK 12 C3
Akmeņdziras RIG 14 A6
Andrupene MAD 37 B4
Asare REZ 48 H3
Balgale TAL 31 A3
Bebri VLK 03 D8
Blīdene PRE 41 H5
Ciblā AIZ 19 C8
Dundaga OGR 16 A7
Embūte CES 11 G8
Gostiņi JKB 39 C6
Jaunjelgava TUK 15 E5
Kārsava RIG 08 B2
Liepāja ALU 02 D5
Mērsrags VLM 05 C1
Preiļi GUL 09 E4
Rūjiena LIM 06 B7
M
Stende KUL 26 D4
Valka BLV 33 F1
Abava JLG 21 E3
Aglona BSK 23 D2
Aizvīķi DOB 24 H1
Ance RIG 18 G4
Ārlava DGP 53 E7
Baldone LUD 45 G2
Bauska SAL 29 F6
Birzgale KRS 56 B5
Cēsis LIE 44 F2
Demene TUK 12 C3
Dziļezers RIG 14 A6
Gaujiena MAD 37 B4
Irlava REZ 48 H3
Kandava TAL 31 A3
Lielvārde VLK 03 D8
Mazsalaca PRE 41 H5
Pļaviņas AIZ 19 C8
Roja OGR 16 A7
Smiltene CES 11 G8
Valdemārpils JKB 39 C6
Viļāni TUK 15 E5
Ādaži RIG 08 B2
Aizpute ALU 02 D5
Amata VLM 05 C1
Ārciems GUL 09 E4
Avotiņi LIM 06 B7
Baunīši KUL 26 D4
Biķernieki BLV 33 F1
Carnikava JLG 21 E3
Degole BSK 23 D2
Dzērbene DOB 24 H1
Galēni RIG 18 G4
Ilūkste DGP 53 E7
Jūrmala LUD 45 G2
Kuldīga SAL 29 F6
Madona KRS 56 B5
Pāvilosta LIE 44 F2
Rīga TUK 12 C3
Skrunda RIG 14 A6
Ugāle MAD 37 B4
Viļaka REZ 48 H3
Adamova TAL 31 A3
Aizkalne VLK 03 D8
Alsunga PRE 41 H5
Ape AIZ 19 C8
Augšdaugava OGR 16 A7
Barkava CES 11 G8
Bikstī JKB 39 C6
Burtnieki TUK 15 E5
Dagda RIG 08 B2
Dzelzava ALU 02 D5
Ezere VLM 05 C1
Ikšķile GUL 09 E4
Jelgava LIM 06 B7
Krāslava KUL 26 D4
Ludza BLV 33 F1
Olaine JLG 21 E3
Riebiņi BSK 23 D2
Sigulda DOB 24 H1
Tukums RIG 18 G4
Viesīte DGP 53 E7
Ābeles LUD 45 G2
Aizdzire SAL 29 F6
Alauksts KRS 56 B5
Apšuciems LIE 44 F2
Auce TUK 12 C3
Balvi RIG 14 A6
Bērzpils MAD 37 B4
Bukmuiža REZ 48 H3
Daugavpils TAL 31 A3
Durbe VLK 03 D8
Ērgļi PRE 41 H5
Gulbene AIZ 19 C8
Jaunpils OGR 16 A7
Kokneses CES 11 G8
Līvāni JKB 39 C6
Nīca TUK 15 E5
Rēzekne RIG 08 B2
Saulkrasti ALU 02 D5
Talsi VLM 05 C1
Ventspils GUL 09 E4
Ābeļi LIM 06 B7
Aiviekste KUL 26 D4
Akniste BLV 33 F1
Annas JLG 21 E3
Asīte BSK 23 D2
Balozi DOB 24 H1
Beļava RIG 18 G4
Brocēni DGP 53 E7
Codes LUD 45 G2
Dunte SAL 29 F6
Engure KRS 56 B5
Grobiņa LIE 44 F2
Jaunpiebalga TUK 12 C3
Kazdanga RIG 14 A6
Limbaži MAD 37 B4
Naukšēni REZ 48 H3
Priekule TAL 31 A3
Salacgrīva VLK 03 D8
Subate PRE 41 H5
Varakļāni AIZ 19 C8
Abavnieki OGR 16 A7
Agļona CES 11 G8
Akmeņdziras JKB 39 C6
Andrupene TUK 15 E5
Asare RIG 08 B2
Balgale ALU 02 D5
Bebri VLM 05 C1
Blīdene GUL 09 E4
Ciblā LIM 06 B7
Dundaga KUL 26 D4
Embūte BLV 33 F1
Gostiņi JLG 21 E3
Jaunjelgava BSK 23 D2
Kārsava DOB 24 H1
Liepāja RIG 18 G4
Mērsrags DGP 53 E7
Preiļi LUD 45 G2
Rūjiena SAL 29 F6
Stende KRS 56 B5
Valka LIE 44 F2
Abava TUK 12 C3
Aglona RIG 14 A6
Aizvīķi MAD 37 B4
Ance REZ 48 H3
Ārlava TAL 31 A3
Baldone VLK 03 D8
Bauska PRE 41 H5
Birzgale AIZ 19 C8
Cēsis OGR 16 A7
Demene CES 11 G8
Dziļezers JKB 39 C6
Gaujiena TUK 15 E5
Irlava RIG 08 B2
Kandava ALU 02 D5
Lielvārde VLM 05 C1
Mazsalaca GUL 09 E4
Pļaviņas LIM 06 B7
Roja KUL 26 D4
Smiltene BLV 33 F1
Valdemārpils JLG 21 E3
Viļāni BSK 23 D2
Ādaži DOB 24 H1
N
Aizpute RIG 18 G4
Amata DGP 53 E7
Ārciems LUD 45 G2
Avotiņi SAL 29 F6
Baunīši KRS 56 B5
Biķernieki LIE 44 F2
Carnikava TUK 12 C3
Degole RIG 14 A6
Dzērbene MAD 37 B4
Galēni REZ 48 H3
Ilūkste TAL 31 A3
Jūrmala VLK 03 D8
Kuldīga PRE 41 H5
Madona AIZ 19 C8
Pāvilosta OGR 16 A7
Rīga CES 11 G8
Skrunda JKB 39 C6
Ugāle TUK 15 E5
Viļaka RIG 08 B2
Adamova ALU 02 D5
Aizkalne VLM 05 C1
Alsunga GUL 09 E4
Ape LIM 06 B7
Augšdaugava KUL 26 D4
Barkava BLV 33 F1
Bikstī JLG 21 E3
Burtnieki BSK 23 D2
Dagda DOB 24 H1
Dzelzava RIG 18 G4
Ezere DGP 53 E7
Ikšķile LUD 45 G2
Jelgava SAL 29 F6
Krāslava KRS 56 B5
Ludza LIE 44 F2
Olaine TUK 12 C3
Riebiņi RIG 14 A6
Sigulda MAD 37 B4
Tukums REZ 48 H3
Viesīte TAL 31 A3
Ābeles VLK 03 D8
Aizdzire PRE 41 H5
Alauksts AIZ 19 C8
Apšuciems OGR 16 A7
Auce CES 11 G8
Balvi JKB 39 C6
Bērzpils TUK 15 E5
Bukmuiža RIG 08 B2
Daugavpils ALU 02 D5
Durbe VLM 05 C1
Ērgļi GUL 09 E4
Gulbene LIM 06 B7
Jaunpils KUL 26 D4
Kokneses BLV 33 F1
Līvāni JLG 21 E3
Nīca BSK 23 D2
Rēzekne DOB 24 H1
Saulkrasti RIG 18 G4
Talsi DGP 53 E7
Ventspils LUD 45 G2
Ābeļi SAL 29 F6
Aiviekste KRS 56 B5
Akniste LIE 44 F2
Annas TUK 12 C3
Asīte RIG 14 A6
Balozi MAD 37 B4
Beļava REZ 48 H3
Brocēni TAL 31 A3
Codes VLK 03 D8
Dunte PRE 41 H5
Engure AIZ 19 C8
Grobiņa OGR 16 A7
Jaunpiebalga CES 11 G8
Kazdanga JKB 39 C6
Limbaži TUK 15 E5
Naukšēni RIG 08 B2
Priekule ALU 02 D5
Salacgrīva VLM 05 C1
Subate GUL 09 E4
Varakļāni LIM 06 B7
Abavnieki KUL 26 D4
Agļona BLV 33 F1
Akmeņdziras JLG 21 E3
Andrupene BSK 23 D2
Asare DOB 24 H1
Balgale RIG 18 G4
Bebri DGP 53 E7
Blīdene LUD 45 G2
Ciblā SAL 29 F6
Dundaga KRS 56 B5
Embūte LIE 44 F2
Gostiņi TUK 12 C3
Jaunjelgava RIG 14 A6
Kārsava MAD 37 B4
Liepāja REZ 48 H3
Mērsrags TAL 31 A3
Preiļi VLK 03 D8
Rūjiena PRE 41 H5
Stende AIZ 19 C8
Valka OGR 16 A7
Abava CES 11 G8
Aglona JKB 39 C6
Aizvīķi TUK 15 E5
Ance RIG 08 B2
Ārlava ALU 02 D5
Baldone VLM 05 C1
Bauska GUL 09 E4
Birzgale LIM 06 B7
Cēsis KUL 26 D4
Demene BLV 33 F1
Dziļezers JLG 21 E3
Gaujiena BSK 23 D2
Irlava DOB 24 H1
Kandava RIG 18 G4
Lielvārde DGP 53 E7
Mazsalaca LUD 45 G2
Pļaviņas SAL 29 F6
Roja KRS 56 B5
Smiltene LIE 44 F2
Valdemārpils TUK 12 C3
Viļāni RIG 14 A6
Ādaži MAD 37 B4
Aizpute REZ 48 H3
Amata TAL 31 A3
Ārciems VLK 03 D8
Avotiņi PRE 41 H5
Baunīši AIZ 19 C8
Biķernieki OGR 16 A7
Carnikava CES 11 G8
Degole JKB 39 C6
Dzērbene TUK 15 E5
Galēni RIG 08 B2
Ilūkste ALU 02 D5
Jūrmala VLM 05 C1
Kuldīga GUL 09 E4
Madona LIM 06 B7
Pāvilosta KUL 26 D4
Rīga BLV 33 F1
Skrunda JLG 21 E3
Ugāle BSK 23 D2
Viļaka DOB 24 H1
Adamova RIG 18 G4
Aizkalne DGP 53 E7
Alsunga LUD 45 G2
Ape SAL 29 F6
Augšdaugava KRS 56 B5
O
Barkava LIE 44 F2
Bikstī TUK 12 C3
Burtnieki RIG 14 A6
Dagda MAD 37 B4
Dzelzava REZ 48 H3
Ezere TAL 31 A3
Ikšķile VLK 03 D8
Jelgava PRE 41 H5
Krāslava AIZ 19 C8
Ludza OGR 16 A7
Olaine CES 11 G8
Riebiņi JKB 39 C6
Sigulda TUK 15 E5
Tukums RIG 08 B2
Viesīte ALU 02 D5
Ābeles VLM 05 C1
Aizdzire GUL 09 E4
Alauksts LIM 06 B7
Apšuciems KUL 26 D4
Auce BLV 33 F1
Balvi JLG 21 E3
Bērzpils BSK 23 D2
Bukmuiža DOB 24 H1
Daugavpils RIG 18 G4
Durbe DGP 53 E7
Ērgļi LUD 45 G2
Gulbene SAL 29 F6
Jaunpils KRS 56 B5
Kokneses LIE 44 F2
Līvāni TUK 12 C3
Nīca RIG 14 A6
Rēzekne MAD 37 B4
Saulkrasti REZ 48 H3
Talsi TAL 31 A3
Ventspils VLK 03 D8
Ābeļi PRE 41 H5
Aiviekste AIZ 19 C8
Akniste OGR 16 A7
Annas CES 11 G8
Asīte JKB 39 C6
Balozi TUK 15 E5
Beļava RIG 08 B2
Brocēni ALU 02 D5
Codes VLM 05 C1
Dunte GUL 09 E4
Engure LIM 06 B7
Grobiņa KUL 26 D4
Jaunpiebalga BLV 33 F1
Kazdanga JLG 21 E3
Limbaži BSK 23 D2
Naukšēni DOB 24 H1
Priekule RIG 18 G4
Salacgrīva DGP 53 E7
Subate LUD 45 G2
Varakļāni SAL 29 F6
Abavnieki KRS 56 B5
Agļona LIE 44 F2
Akmeņdziras TUK 12 C3
Andrupene RIG 14 A6
Asare MAD 37 B4
Balgale REZ 48 H3
Bebri TAL 31 A3
Blīdene VLK 03 D8
Ciblā PRE 41 H5
Dundaga AIZ 19 C8
Embūte OGR 16 A7
Gostiņi CES 11 G8
Jaunjelgava JKB 39 C6
Kārsava TUK 15 E5
Liepāja RIG 08 B2
Mērsrags ALU 02 D5
Preiļi VLM 05 C1
Rūjiena GUL 09 E4
Stende LIM 06 B7
Valka KUL 26 D4
Abava BLV 33 F1
Aglona JLG 21 E3
Aizvīķi BSK 23 D2
Ance DOB 24 H1
Ārlava RIG 18 G4
Baldone DGP 53 E7
Bauska LUD 45 G2
Birzgale SAL 29 F6
Cēsis KRS 56 B5
Demene LIE 44 F2
Dziļezers TUK 12 C3
Gaujiena RIG 14 A6
Irlava MAD 37 B4
Kandava REZ 48 H3
Lielvārde TAL 31 A3
Mazsalaca VLK 03 D8
Pļaviņas PRE 41 H5
Roja AIZ 19 C8
Smiltene OGR 16 A7
Valdemārpils CES 11 G8
Viļāni JKB 39 C6
Ādaži TUK 15 E5
Aizpute RIG 08 B2
Amata ALU 02 D5
Ārciems VLM 05 C1
Avotiņi GUL 09 E4
Baunīši LIM 06 B7
Biķernieki KUL 26 D4
Carnikava BLV 33 F1
Degole JLG 21 E3
Dzērbene BSK 23 D2
Galēni DOB 24 H1
Ilūkste RIG 18 G4
Jūrmala DGP 53 E7
Kuldīga LUD 45 G2
Madona SAL 29 F6
Pāvilosta KRS 56 B5
Rīga LIE 44 F2
Skrunda TUK 12 C3
Ugāle RIG 14 A6
Viļaka MAD 37 B4
Adamova REZ 48 H3
Aizkalne TAL 31 A3
Alsunga VLK 03 D8
Ape PRE 41 H5
Augšdaugava AIZ 19 C8
Barkava OGR 16 A7
Bikstī CES 11 G8
Burtnieki JKB 39 C6
Dagda TUK 15 E5
Dzelzava RIG 08 B2
Ezere ALU 02 D5
Ikšķile VLM 05 C1
Jelgava GUL 09 E4
Krāslava LIM 06 B7
Ludza KUL 26 D4
Olaine BLV 33 F1
Riebiņi JLG 21 E3
Sigulda BSK 23 D2
Tukums DOB 24 H1
Viesīte RIG 18 G4
Ābeles DGP 53 E7
Aizdzire LUD 45 G2
Alauksts SAL 29 F6
Apšuciems KRS 56 B5
Auce LIE 44 F2
Balvi TUK 12 C3
Bērzpils RIG 14 A6
Bukmuiža MAD 37 B4
Daugavpils REZ 48 H3
P
Durbe TAL 31 A3
Ērgļi VLK 03 D8
Gulbene PRE 41 H5
Jaunpils AIZ 19 C8
Kokneses OGR 16 A7
Līvāni CES 11 G8
Nīca JKB 39 C6
Rēzekne TUK 15 E5
Saulkrasti RIG 08 B2
Talsi ALU 02 D5
Ventspils VLM 05 C1
Ābeļi GUL 09 E4
Aiviekste LIM 06 B7
Akniste KUL 26 D4
Annas BLV 33 F1
Asīte JLG 21 E3
Balozi BSK 23 D2
Beļava DOB 24 H1
Brocēni RIG 18 G4
Codes DGP 53 E7
Dunte LUD 45 G2
Engure SAL 29 F6
Grobiņa KRS 56 B5
Jaunpiebalga LIE 44 F2
Kazdanga TUK 12 C3
Limbaži RIG 14 A6
Naukšēni MAD 37 B4
Priekule REZ 48 H3
Salacgrīva TAL 31 A3
Subate VLK 03 D8
Varakļāni PRE 41 H5
Abavnieki AIZ 19 C8
Agļona OGR 16 A7
Akmeņdziras CES 11 G8
Andrupene JKB 39 C6
Asare TUK 15 E5
Balgale RIG 08 B2
Bebri ALU 02 D5
Blīdene VLM 05 C1
Ciblā GUL 09 E4
Dundaga LIM 06 B7
Embūte KUL 26 D4
Gostiņi BLV 33 F1
Jaunjelgava JLG 21 E3
Kārsava BSK 23 D2
Liepāja DOB 24 H1
Mērsrags RIG 18 G4
Preiļi DGP 53 E7
Rūjiena LUD 45 G2
Stende SAL 29 F6
Valka KRS 56 B5
Abava LIE 44 F2
Aglona TUK 12 C3
Aizvīķi RIG 14 A6
Ance MAD 37 B4
Ārlava REZ 48 H3
Baldone TAL 31 A3
Bauska VLK 03 D8
Birzgale PRE 41 H5
Cēsis AIZ 19 C8
Demene OGR 16 A7
Dziļezers CES 11 G8
Gaujiena JKB 39 C6
Irlava TUK 15 E5
Kandava RIG 08 B2
Lielvārde ALU 02 D5
Mazsalaca VLM 05 C1
Pļaviņas GUL 09 E4
Roja LIM 06 B7
Smiltene KUL 26 D4
Valdemārpils BLV 33 F1
Viļāni JLG 21 E3
Ādaži BSK 23 D2
Aizpute DOB 24 H1
Amata RIG 18 G4
Ārciems DGP 53 E7
Avotiņi LUD 45 G2
Baunīši SAL 29 F6
Biķernieki KRS 56 B5
Carnikava LIE 44 F2
Degole TUK 12 C3
Dzērbene RIG 14 A6
Galēni MAD 37 B4
Ilūkste REZ 48 H3
Jūrmala TAL 31 A3
Kuldīga VLK 03 D8
Madona PRE 41 H5
Pāvilosta AIZ 19 C8
Rīga OGR 16 A7
Skrunda CES 11 G8
Ugāle JKB 39 C6
Viļaka TUK 15 E5
Adamova RIG 08 B2
Aizkalne ALU 02 D5
Alsunga VLM 05 C1
Ape GUL 09 E4
Augšdaugava LIM 06 B7
Barkava KUL 26 D4
Bikstī BLV 33 F1
Burtnieki JLG 21 E3
Dagda BSK 23 D2
Dzelzava DOB 24 H1
Ezere RIG 18 G4
Ikšķile DGP 53 E7
Jelgava LUD 45 G2
Krāslava SAL 29 F6
Ludza KRS 56 B5
Olaine LIE 44 F2
Riebiņi TUK 12 C3
Sigulda RIG 14 A6
Tukums MAD 37 B4
Viesīte REZ 48 H3
Ābeles TAL 31 A3
Aizdzire VLK 03 D8
Alauksts PRE 41 H5
Apšuciems AIZ 19 C8
Auce OGR 16 A7
Balvi CES 11 G8
Bērzpils JKB 39 C6
Bukmuiža TUK 15 E5
Daugavpils RIG 08 B2
Durbe ALU 02 D5
Ērgļi VLM 05 C1
Gulbene GUL 09 E4
Jaunpils LIM 06 B7
Kokneses KUL 26 D4
Līvāni BLV 33 F1
Nīca JLG 21 E3
Rēzekne BSK 23 D2
Saulkrasti DOB 24 H1
Talsi RIG 18 G4
Ventspils DGP 53 E7
Ābeļi LUD 45 G2
Aiviekste SAL 29 F6
Akniste KRS 56 B5
Annas LIE 44 F2
Asīte TUK 12 C3
Balozi RIG 14 A6
Beļava MAD 37 B4
Brocēni REZ 48 H3
Codes TAL 31 A3
Dunte VLK 03 D8
Engure PRE 41 H5
Grobiņa AIZ 19 C8
Jaunpiebalga OGR 16 A7
R
Kazdanga CES 11 G8
Limbaži JKB 39 C6
Naukšēni TUK 15 E5
Priekule RIG 08 B2
Salacgrīva ALU 02 D5
Subate VLM 05 C1
Varakļāni GUL 09 E4
Abavnieki LIM 06 B7
Agļona KUL 26 D4
Akmeņdziras BLV 33 F1
Andrupene JLG 21 E3
Asare BSK 23 D2
Balgale DOB 24 H1
Bebri RIG 18 G4
Blīdene DGP 53 E7
Ciblā LUD 45 G2
Dundaga SAL 29 F6
Embūte KRS 56 B5
Gostiņi LIE 44 F2
Jaunjelgava TUK 12 C3
Kārsava RIG 14 A6
Liepāja MAD 37 B4
Mērsrags REZ 48 H3
Preiļi TAL 31 A3
Rūjiena VLK 03 D8
Stende PRE 41 H5
Valka AIZ 19 C8
Abava OGR 16 A7
Aglona CES 11 G8
Aizvīķi JKB 39 C6
Ance TUK 15 E5
Ārlava RIG 08 B2
Baldone ALU 02 D5
Bauska VLM 05 C1
Birzgale GUL 09 E4
Cēsis LIM 06 B7
Demene KUL 26 D4
Dziļezers BLV 33 F1
Gaujiena JLG 21 E3
Irlava BSK 23 D2
Kandava DOB 24 H1
Lielvārde RIG 18 G4
Mazsalaca DGP 53 E7
Pļaviņas LUD 45 G2
Roja SAL 29 F6
Smiltene KRS 56 B5
Valdemārpils LIE 44 F2
Viļāni TUK 12 C3
Ādaži RIG 14 A6
Aizpute MAD 37 B4
Amata REZ 48 H3
Ārciems TAL 31 A3
Avotiņi VLK 03 D8
Baunīši PRE 41 H5
Biķernieki AIZ 19 C8
Carnikava OGR 16 A7
Degole CES 11 G8
Dzērbene JKB 39 C6
Galēni TUK 15 E5
Ilūkste RIG 08 B2
Jūrmala ALU 02 D5
Kuldīga VLM 05 C1
Madona GUL 09 E4
Pāvilosta LIM 06 B7
Rīga KUL 26 D4
Skrunda BLV 33 F1
Ugāle JLG 21 E3
Viļaka BSK 23 D2
Adamova DOB 24 H1
Aizkalne RIG 18 G4
Alsunga DGP 53 E7
Ape LUD 45 G2
Augšdaugava SAL 29 F6
Barkava KRS 56 B5
Bikstī LIE 44 F2
Burtnieki TUK 12 C3
Dagda RIG 14 A6
Dzelzava MAD 37 B4
Ezere REZ 48 H3
Ikšķile TAL 31 A3
Jelgava VLK 03 D8
Krāslava PRE 41 H5
Ludza AIZ 19 C8
Olaine OGR 16 A7
Riebiņi CES 11 G8
Sigulda JKB 39 C6
Tukums TUK 15 E5
Viesīte RIG 08 B2
Ābeles ALU 02 D5
Aizdzire VLM 05 C1
Alauksts GUL 09 E4
Apšuciems LIM 06 B7
Auce KUL 26 D4
Balvi BLV 33 F1
Bērzpils JLG 21 E3
Bukmuiža BSK 23 D2
Daugavpils DOB 24 H1
Durbe RIG 18 G4
Ērgļi DGP 53 E7
Gulbene LUD 45 G2
Jaunpils SAL 29 F6
Kokneses KRS 56 B5
Līvāni LIE 44 F2
Nīca TUK 12 C3
Rēzekne RIG 14 A6
Saulkrasti MAD 37 B4
Talsi REZ 48 H3
Ventspils TAL 31 A3
Ābeļi VLK 03 D8
Aiviekste PRE 41 H5
Akniste AIZ 19 C8
Annas OGR 16 A7
Asīte CES 11 G8
Balozi JKB 39 C6
Beļava TUK 15 E5
Brocēni RIG 08 B2
Codes ALU 02 D5
Dunte VLM 05 C1
Engure GUL 09 E4
Grobiņa LIM 06 B7
Jaunpiebalga KUL 26 D4
Kazdanga BLV 33 F1
Limbaži JLG 21 E3
Naukšēni BSK 23 D2
Priekule DOB 24 H1
Salacgrīva RIG 18 G4
Subate DGP 53 E7
Varakļāni LUD 45 G2
Abavnieki SAL 29 F6
Agļona KRS 56 B5
Akmeņdziras LIE 44 F2
Andrupene TUK 12 C3
Asare RIG 14 A6
Balgale MAD 37 B4
Bebri REZ 48 H3
Blīdene TAL 31 A3
Ciblā VLK 03 D8
Dundaga PRE 41 H5
Embūte AIZ 19 C8
Gostiņi OGR 16 A7
Jaunjelgava CES 11 G8
Kārsava JKB 39 C6
Liepāja TUK 15 E5
Mērsrags RIG 08 B2
Preiļi ALU 02 D5
S
Rūjiena VLM 05 C1
Stende GUL 09 E4
Valka LIM 06 B7
Abava KUL 26 D4
Aglona BLV 33 F1
Aizvīķi JLG 21 E3
Ance BSK 23 D2
Ārlava DOB 24 H1
Baldone RIG 18 G4
Bauska DGP 53 E7
Birzgale LUD 45 G2
Cēsis SAL 29 F6
Demene KRS 56 B5
Dziļezers LIE 44 F2
Gaujiena TUK 12 C3
Irlava RIG 14 A6
Kandava MAD 37 B4
Lielvārde REZ 48 H3
Mazsalaca TAL 31 A3
Pļaviņas VLK 03 D8
Roja PRE 41 H5
Smiltene AIZ 19 C8
Valdemārpils OGR 16 A7
Viļāni CES 11 G8
Ādaži JKB 39 C6
Aizpute TUK 15 E5
Amata RIG 08 B2
Ārciems ALU 02 D5
Avotiņi VLM 05 C1
Baunīši GUL 09 E4
Biķernieki LIM 06 B7
Carnikava KUL 26 D4
Degole BLV 33 F1
Dzērbene JLG 21 E3
Galēni BSK 23 D2
Ilūkste DOB 24 H1
Jūrmala RIG 18 G4
Kuldīga DGP 53 E7
Madona LUD 45 G2
Pāvilosta SAL 29 F6
Rīga KRS 56 B5
Skrunda LIE 44 F2
Ugāle TUK 12 C3
Viļaka RIG 14 A6
Adamova MAD 37 B4
Aizkalne REZ 48 H3
Alsunga TAL 31 A3
Ape VLK 03 D8
Augšdaugava PRE 41 H5
Barkava AIZ 19 C8
Bikstī OGR 16 A7
Burtnieki CES 11 G8
Dagda JKB 39 C6
Dzelzava TUK 15 E5
Ezere RIG 08 B2
Ikšķile ALU 02 D5
Jelgava VLM 05 C1
Krāslava GUL 09 E4
Ludza LIM 06 B7
Olaine KUL 26 D4
Riebiņi BLV 33 F1
Sigulda JLG 21 E3
Tukums BSK 23 D2
Viesīte DOB 24 H1
Ābeles RIG 18 G4
Aizdzire DGP 53 E7
Alauksts LUD 45 G2
Apšuciems SAL 29 F6
Auce KRS 56 B5
Balvi LIE 44 F2
Bērzpils TUK 12 C3
Bukmuiža RIG 14 A6
Daugavpils MAD 37 B4
Durbe REZ 48 H3
Ērgļi TAL 31 A3
Gulbene VLK 03 D8
Jaunpils PRE 41 H5
Kokneses AIZ 19 C8
Līvāni OGR 16 A7
Nīca CES 11 G8
Rēzekne JKB 39 C6
Saulkrasti TUK 15 E5
Talsi RIG 08 B2
Ventspils ALU 02 D5
Ābeļi VLM 05 C1
Aiviekste GUL 09 E4
Akniste LIM 06 B7
Annas KUL 26 D4
Asīte BLV 33 F1
Balozi JLG 21 E3
Beļava BSK 23 D2
Brocēni DOB 24 H1
Codes RIG 18 G4
Dunte DGP 53 E7
Engure LUD 45 G2
Grobiņa SAL 29 F6
Jaunpiebalga KRS 56 B5
Kazdanga LIE 44 F2
Limbaži TUK 12 C3
Naukšēni RIG 14 A6
Priekule MAD 37 B4
Salacgrīva REZ 48 H3
Subate TAL 31 A3
Varakļāni VLK 03 D8
Abavnieki PRE 41 H5
Agļona AIZ 19 C8
Akmeņdziras OGR 16 A7
Andrupene CES 11 G8
Asare JKB 39 C6
Balgale TUK 15 E5
Bebri RIG 08 B2
Blīdene ALU 02 D5
Ciblā VLM 05 C1
Dundaga GUL 09 E4
Embūte LIM 06 B7
Gostiņi KUL 26 D4
Jaunjelgava BLV 33 F1
Kārsava JLG 21 E3
Liepāja BSK 23 D2
Mērsrags DOB 24 H1
Preiļi RIG 18 G4
Rūjiena DGP 53 E7
Stende LUD 45 G2
Valka SAL 29 F6
Abava KRS 56 B5
Aglona LIE 44 F2
Aizvīķi TUK 12 C3
Ance RIG 14 A6
Ārlava MAD 37 B4
Baldone REZ 48 H3
Bauska TAL 31 A3
Birzgale VLK 03 D8
Cēsis PRE 41 H5
Demene AIZ 19 C8
Dziļezers OGR 16 A7
Gaujiena CES 11 G8
Irlava JKB 39 C6
Kandava TUK 15 E5
Lielvārde RIG 08 B2
Mazsalaca ALU 02 D5
Pļaviņas VLM 05 C1
Roja GUL 09 E4
Smiltene LIM 06 B7
Valdemārpils KUL 26 D4
Viļāni BLV 33 F1
T
Ādaži JLG 21 E3
Aizpute BSK 23 D2
Amata DOB 24 H1
Ārciems RIG 18 G4
Avotiņi DGP 53 E7
Baunīši LUD 45 G2
Biķernieki SAL 29 F6
Carnikava KRS 56 B5
Degole LIE 44 F2
Dzērbene TUK 12 C3
Galēni RIG 14 A6
Ilūkste MAD 37 B4
Jūrmala REZ 48 H3
Kuldīga TAL 31 A3
Madona VLK 03 D8
Pāvilosta PRE 41 H5
Rīga AIZ 19 C8
Skrunda OGR 16 A7
Ugāle CES 11 G8
Viļaka JKB 39 C6
Adamova TUK 15 E5
Aizkalne RIG 08 B2
Alsunga ALU 02 D5
Ape VLM 05 C1
Augšdaugava GUL 09 E4
Barkava LIM 06 B7
Bikstī KUL 26 D4
Burtnieki BLV 33 F1
Dagda JLG 21 E3
Dzelzava BSK 23 D2
Ezere DOB 24 H1
Ikšķile RIG 18 G4
Jelgava DGP 53 E7
Krāslava LUD 45 G2
Ludza SAL 29 F6
Olaine KRS 56 B5
Riebiņi LIE 44 F2
Sigulda TUK 12 C3
Tukums RIG 14 A6
Viesīte MAD 37 B4
Ābeles REZ 48 H3
Aizdzire TAL 31 A3
Alauksts VLK 03 D8
Apšuciems PRE 41 H5
Auce AIZ 19 C8
Balvi OGR 16 A7
Bērzpils CES 11 G8
Bukmuiža JKB 39 C6
Daugavpils TUK 15 E5
Durbe RIG 08 B2
Ērgļi ALU 02 D5
Gulbene VLM 05 C1
Jaunpils GUL 09 E4
Kokneses LIM 06 B7
Līvāni KUL 26 D4
Nīca BLV 33 F1
Rēzekne JLG 21 E3
Saulkrasti BSK 23 D2
Talsi DOB 24 H1
Ventspils RIG 18 G4
Ābeļi DGP 53 E7
Aiviekste LUD 45 G2
Akniste SAL 29 F6
Annas KRS 56 B5
Asīte LIE 44 F2
Balozi TUK 12 C3
Beļava RIG 14 A6
Brocēni MAD 37 B4
Codes REZ 48 H3
Dunte TAL 31 A3
Engure VLK 03 D8
Grobiņa PRE 41 H5
Jaunpiebalga AIZ 19 C8
Kazdanga OGR 16 A7
Limbaži CES 11 G8
Naukšēni JKB 39 C6
Priekule TUK 15 E5
Salacgrīva RIG 08 B2
Subate ALU 02 D5
Varakļāni VLM 05 C1
Abavnieki GUL 09 E4
Agļona LIM 06 B7
Akmeņdziras KUL 26 D4
Andrupene BLV 33 F1
Asare JLG 21 E3
Balgale BSK 23 D2
Bebri DOB 24 H1
Blīdene RIG 18 G4
Ciblā DGP 53 E7
Dundaga LUD 45 G2
Embūte SAL 29 F6
Gostiņi KRS 56 B5
Jaunjelgava LIE 44 F2
Kārsava TUK 12 C3
Liepāja RIG 14 A6
Mērsrags MAD 37 B4
Preiļi REZ 48 H3
Rūjiena TAL 31 A3
Stende VLK 03 D8
Valka PRE 41 H5
Abava AIZ 19 C8
Aglona OGR 16 A7
Aizvīķi CES 11 G8
Ance JKB 39 C6
Ārlava TUK 15 E5
Baldone RIG 08 B2
Bauska ALU 02 D5
Birzgale VLM 05 C1
Cēsis GUL 09 E4
Demene LIM 06 B7
Dziļezers KUL 26 D4
Gaujiena BLV 33 F1
Irlava JLG 21 E3
Kandava BSK 23 D2
Lielvārde DOB 24 H1
Mazsalaca RIG 18 G4
Pļaviņas DGP 53 E7
Roja LUD 45 G2
Smiltene SAL 29 F6
Valdemārpils KRS 56 B5
Viļāni LIE 44 F2
Ādaži TUK 12 C3
Aizpute RIG 14 A6
Amata MAD 37 B4
Ārciems REZ 48 H3
Avotiņi TAL 31 A3
Baunīši VLK 03 D8
Biķernieki PRE 41 H5
Carnikava AIZ 19 C8
Degole OGR 16 A7
Dzērbene CES 11 G8
Galēni JKB 39 C6
Ilūkste TUK 15 E5
Jūrmala RIG 08 B2
Kuldīga ALU 02 D5
Madona VLM 05 C1
Pāvilosta GUL 09 E4
Rīga LIM 06 B7
Skrunda KUL 26 D4
Ugāle BLV 33 F1
Viļaka JLG 21 E3
Adamova BSK 23 D2
Aizkalne DOB 24 H1
Alsunga RIG 18 G4
Ape DGP 53 E7
U
Augšdaugava LUD 45 G2
Barkava SAL 29 F6
Bikstī KRS 56 B5
Burtnieki LIE 44 F2
Dagda TUK 12 C3
Dzelzava RIG 14 A6
Ezere MAD 37 B4
Ikšķile REZ 48 H3
Jelgava TAL 31 A3
Krāslava VLK 03 D8
Ludza PRE 41 H5
Olaine AIZ 19 C8
Riebiņi OGR 16 A7
Sigulda CES 11 G8
Tukums JKB 39 C6
Viesīte TUK 15 E5
Ābeles RIG 08 B2
Aizdzire ALU 02 D5
Alauksts VLM 05 C1
Apšuciems GUL 09 E4
Auce LIM 06 B7
Balvi KUL 26 D4
Bērzpils BLV 33 F1
Bukmuiža JLG 21 E3
Daugavpils BSK 23 D2
Durbe DOB 24 H1
Ērgļi RIG 18 G4
Gulbene DGP 53 E7
Jaunpils LUD 45 G2
Kokneses SAL 29 F6
Līvāni KRS 56 B5
Nīca LIE 44 F2
Rēzekne TUK 12 C3
Saulkrasti RIG 14 A6
Talsi MAD 37 B4
Ventspils REZ 48 H3
Ābeļi TAL 31 A3
Aiviekste VLK 03 D8
Akniste PRE 41 H5
Annas AIZ 19 C8
Asīte OGR 16 A7
Balozi CES 11 G8
Beļava JKB 39 C6
Brocēni TUK 15 E5
Codes RIG 08 B2
Dunte ALU 02 D5
Engure VLM 05 C1
Grobiņa GUL 09 E4
Jaunpiebalga LIM 06 B7
Kazdanga KUL 26 D4
Limbaži BLV 33 F1
Naukšēni JLG 21 E3
Priekule BSK 23 D2
Salacgrīva DOB 24 H1
Subate RIG 18 G4
Varakļāni DGP 53 E7
Abavnieki LUD 45 G2
Agļona SAL 29 F6
Akmeņdziras KRS 56 B5
Andrupene LIE 44 F2
Asare TUK 12 C3
Balgale RIG 14 A6
Bebri MAD 37 B4
Blīdene REZ 48 H3
Ciblā TAL 31 A3
Dundaga VLK 03 D8
Embūte PRE 41 H5
Gostiņi AIZ 19 C8
Jaunjelgava OGR 16 A7
Kārsava CES 11 G8
Liepāja JKB 39 C6
Mērsrags TUK 15 E5
Preiļi RIG 08 B2
Rūjiena ALU 02 D5
Stende VLM 05 C1
Valka GUL 09 E4
Abava LIM 06 B7
Aglona KUL 26 D4
Aizvīķi BLV 33 F1
Ance JLG 21 E3
Ārlava BSK 23 D2
Baldone DOB 24 H1
Bauska RIG 18 G4
Birzgale DGP 53 E7
Cēsis LUD 45 G2
Demene SAL 29 F6
Dziļezers KRS 56 B5
Gaujiena LIE 44 F2
Irlava TUK 12 C3
Kandava RIG 14 A6
Lielvārde MAD 37 B4
Mazsalaca REZ 48 H3
Pļaviņas TAL 31 A3
Roja VLK 03 D8
Smiltene PRE 41 H5
Valdemārpils AIZ 19 C8
Viļāni OGR 16 A7
Ādaži CES 11 G8
Aizpute JKB 39 C6
Amata TUK 15 E5
Ārciems RIG 08 B2
Avotiņi ALU 02 D5
Baunīši VLM 05 C1
Biķernieki GUL 09 E4
Carnikava LIM 06 B7
Degole KUL 26 D4
Dzērbene BLV 33 F1
Galēni JLG 21 E3
Ilūkste BSK 23 D2
Jūrmala DOB 24 H1
Kuldīga RIG 18 G4
Madona DGP 53 E7
Pāvilosta LUD 45 G2
Rīga SAL 29 F6
Skrunda KRS 56 B5
Ugāle LIE 44 F2
Viļaka TUK 12 C3
Adamova RIG 14 A6
Aizkalne MAD 37 B4
Alsunga REZ 48 H3
Ape TAL 31 A3
Augšdaugava VLK 03 D8
Barkava PRE 41 H5
Bikstī AIZ 19 C8
Burtnieki OGR 16 A7
Dagda CES 11 G8
Dzelzava JKB 39 C6
Ezere TUK 15 E5
Ikšķile RIG 08 B2
Jelgava ALU 02 D5
Krāslava VLM 05 C1
Ludza GUL 09 E4
Olaine LIM 06 B7
Riebiņi KUL 26 D4
Sigulda BLV 33 F1
Tukums JLG 21 E3
Viesīte BSK 23 D2
Ābeles DOB 24 H1
Aizdzire RIG 18 G4
Alauksts DGP 53 E7
Apšuciems LUD 45 G2
Auce SAL 29 F6
Balvi KRS 56 B5
Bērzpils LIE 44 F2
Bukmuiža TUK 12 C3
V
Daugavpils RIG 14 A6
Durbe MAD 37 B4
Ērgļi REZ 48 H3
Gulbene TAL 31 A3
Jaunpils VLK 03 D8
Kokneses PRE 41 H5
Līvāni AIZ 19 C8
Nīca OGR 16 A7
Rēzekne CES 11 G8
Saulkrasti JKB 39 C6
Talsi TUK 15 E5
Ventspils RIG 08 B2
Ābeļi ALU 02 D5
Aiviekste VLM 05 C1
Akniste GUL 09 E4
Annas LIM 06 B7
Asīte KUL 26 D4
Balozi BLV 33 F1
Beļava JLG 21 E3
Brocēni BSK 23 D2
Codes DOB 24 H1
Dunte RIG 18 G4
Engure DGP 53 E7
Grobiņa LUD 45 G2
Jaunpiebalga SAL 29 F6
Kazdanga KRS 56 B5
Limbaži LIE 44 F2
Naukšēni TUK 12 C3
Priekule RIG 14 A6
Salacgrīva MAD 37 B4
Subate REZ 48 H3
Varakļāni TAL 31 A3
Abavnieki VLK 03 D8
Agļona PRE 41 H5
Akmeņdziras AIZ 19 C8
Andrupene OGR 16 A7
Asare CES 11 G8
Balgale JKB 39 C6
Bebri TUK 15 E5
Blīdene RIG 08 B2
Ciblā ALU 02 D5
Dundaga VLM 05 C1
Embūte GUL 09 E4
Gostiņi LIM 06 B7
Jaunjelgava KUL 26 D4
Kārsava BLV 33 F1
Liepāja JLG 21 E3
Mērsrags BSK 23 D2
Preiļi DOB 24 H1
Rūjiena RIG 18 G4
Stende DGP 53 E7
Valka LUD 45 G2
Abava SAL 29 F6
Aglona KRS 56 B5
Aizvīķi LIE 44 F2
Ance TUK 12 C3
Ārlava RIG 14 A6
Baldone MAD 37 B4
Bauska REZ 48 H3
Birzgale TAL 31 A3
Cēsis VLK 03 D8
Demene PRE 41 H5
Dziļezers AIZ 19 C8
Gaujiena OGR 16 A7
Irlava CES 11 G8
Kandava JKB 39 C6
Lielvārde TUK 15 E5
Mazsalaca RIG 08 B2
Pļaviņas ALU 02 D5
Roja VLM 05 C1
Smiltene GUL 09 E4
Valdemārpils LIM 06 B7
Viļāni KUL 26 D4
Ādaži BLV 33 F1
Aizpute JLG 21 E3
Amata BSK 23 D2
Ārciems DOB 24 H1
Avotiņi RIG 18 G4
Baunīši DGP 53 E7
Biķernieki LUD 45 G2
Carnikava SAL 29 F6
Degole KRS 56 B5
Dzērbene LIE 44 F2
Galēni TUK 12 C3
Ilūkste RIG 14 A6
Jūrmala MAD 37 B4
Kuldīga REZ 48 H3
Madona TAL 31 A3
Pāvilosta VLK 03 D8
Rīga PRE 41 H5
Skrunda AIZ 19 C8
Ugāle OGR 16 A7
Viļaka CES 11 G8
Adamova JKB 39 C6
Aizkalne TUK 15 E5
Alsunga RIG 08 B2
Ape ALU 02 D5
Augšdaugava VLM 05 C1
Barkava GUL 09 E4
Bikstī LIM 06 B7
Burtnieki KUL 26 D4
Dagda BLV 33 F1
Dzelzava JLG 21 E3
Ezere BSK 23 D2
Ikšķile DOB 24 H1
Jelgava RIG 18 G4
Krāslava DGP 53 E7
Ludza LUD 45 G2
Olaine SAL 29 F6
Riebiņi KRS 56 B5
Sigulda LIE 44 F2
Tukums TUK 12 C3
Viesīte RIG 14 A6
Ābeles MAD 37 B4
Aizdzire REZ 48 H3
Alauksts TAL 31 A3
Apšuciems VLK 03 D8
Auce PRE 41 H5
Balvi AIZ 19 C8
Bērzpils OGR 16 A7
Bukmuiža CES 11 G8
Daugavpils JKB 39 C6
Durbe TUK 15 E5
Ērgļi RIG 08 B2
Gulbene ALU 02 D5
Jaunpils VLM 05 C1
Kokneses GUL 09 E4
Līvāni LIM 06 B7
Nīca KUL 26 D4
Rēzekne BLV 33 F1
Saulkrasti JLG 21 E3
Talsi BSK 23 D2
Ventspils DOB 24 H1
Ābeļi RIG 18 G4
Aiviekste DGP 53 E7
Akniste LUD 45 G2
Annas SAL 29 F6
Asīte KRS 56 B5
Balozi LIE 44 F2
Beļava TUK 12 C3
Brocēni RIG 14 A6
Codes MAD 37 B4
Dunte REZ 48 H3
Engure TAL 31 A3
Grobiņa VLK 03 D8
Z
Jaunpiebalga PRE 41 H5
Kazdanga AIZ 19 C8
Limbaži OGR 16 A7
Naukšēni CES 11 G8
Priekule JKB 39 C6
Salacgrīva TUK 15 E5
Subate RIG 08 B2
Varakļāni ALU 02 D5
Abavnieki VLM 05 C1
Agļona GUL 09 E4
Akmeņdziras LIM 06 B7
Andrupene KUL 26 D4
Asare BLV 33 F1
Balgale JLG 21 E3
Bebri BSK 23 D2
Blīdene DOB 24 H1
Ciblā RIG 18 G4
Dundaga DGP 53 E7
Embūte LUD 45 G2
Gostiņi SAL 29 F6
Jaunjelgava KRS 56 B5
Kārsava LIE 44 F2
Liepāja TUK 12 C3
Mērsrags RIG 14 A6
Preiļi MAD 37 B4
Rūjiena REZ 48 H3
Stende TAL 31 A3
Valka VLK 03 D8
Abava PRE 41 H5
Aglona AIZ 19 C8
Aizvīķi OGR 16 A7
Ance CES 11 G8
Ārlava JKB 39 C6
Baldone TUK 15 E5
Bauska RIG 08 B2
Birzgale ALU 02 D5
Cēsis VLM 05 C1
Demene GUL 09 E4
Dziļezers LIM 06 B7
Gaujiena KUL 26 D4
Irlava BLV 33 F1
Kandava JLG 21 E3
Lielvārde BSK 23 D2
Mazsalaca DOB 24 H1
Pļaviņas RIG 18 G4
Roja DGP 53 E7
Smiltene LUD 45 G2
Valdemārpils SAL 29 F6
Viļāni KRS 56 B5
Ādaži LIE 44 F2
Aizpute TUK 12 C3
Amata RIG 14 A6
Ārciems MAD 37 B4
Avotiņi REZ 48 H3
Baunīši TAL 31 A3
Biķernieki VLK 03 D8
Carnikava PRE 41 H5
Degole AIZ 19 C8
Dzērbene OGR 16 A7
Galēni CES 11 G8
Ilūkste JKB 39 C6
Jūrmala TUK 15 E5
Kuldīga RIG 08 B2
Madona ALU 02 D5
Pāvilosta VLM 05 C1
Rīga GUL 09 E4
Skrunda LIM 06 B7
Ugāle KUL 26 D4
Viļaka BLV 33 F1
Adamova JLG 21 E3
Aizkalne BSK 23 D2
Alsunga DOB 24 H1
Ape RIG 18 G4
Augšdaugava DGP 53 E7
Barkava LUD 45 G2
Bikstī SAL 29 F6
Burtnieki KRS 56 B5
Dagda LIE 44 F2
Dzelzava TUK 12 C3
Ezere RIG 14 A6
Ikšķile MAD 37 B4
Jelgava REZ 48 H3
Krāslava TAL 31 A3
Ludza VLK 03 D8
Olaine PRE 41 H5
Riebiņi AIZ 19 C8
Sigulda OGR 16 A7
Tukums CES 11 G8
Viesīte JKB 39 C6
Ābeles TUK 15 E5
Aizdzire RIG 08 B2
Alauksts ALU 02 D5
Apšuciems VLM 05 C1
Auce GUL 09 E4
Balvi LIM 06 B7
Bērzpils KUL 26 D4
Bukmuiža BLV 33 F1
Daugavpils JLG 21 E3
Durbe BSK 23 D2
Ērgļi DOB 24 H1
Gulbene RIG 18 G4
Jaunpils DGP 53 E7
Kokneses LUD 45 G2
Līvāni SAL 29 F6
Nīca KRS 56 B5
Rēzekne LIE 44 F2
Saulkrasti TUK 12 C3
Talsi RIG 14 A6
Ventspils MAD 37 B4
Ābeļi REZ 48 H3
Aiviekste TAL 31 A3
Akniste VLK 03 D8
Annas PRE 41 H5
Asīte AIZ 19 C8
Balozi OGR 16 A7
Beļava CES 11 G8
Brocēni JKB 39 C6
Codes TUK 15 E5
Dunte RIG 08 B2
Engure ALU 02 D5
Grobiņa VLM 05 C1
Jaunpiebalga GUL 09 E4
Kazdanga LIM 06 B7
Limbaži KUL 26 D4
Naukšēni BLV 33 F1
Priekule JLG 21 E3
Salacgrīva BSK 23 D2
Subate DOB 24 H1
Varakļāni RIG 18 G4
Abavnieki DGP 53 E7
Agļona LUD 45 G2
Akmeņdziras SAL 29 F6
Andrupene KRS 56 B5
Asare LIE 44 F2
Balgale TUK 12 C3
Bebri RIG 14 A6
Blīdene MAD 37 B4
Ciblā REZ 48 H3
Dundaga TAL 31 A3
Embūte VLK 03 D8
Gostiņi PRE 41 H5
Jaunjelgava AIZ 19 C8
Kārsava OGR 16 A7
Liepāja CES 11 G8
Mērsrags JKB 39 C6
